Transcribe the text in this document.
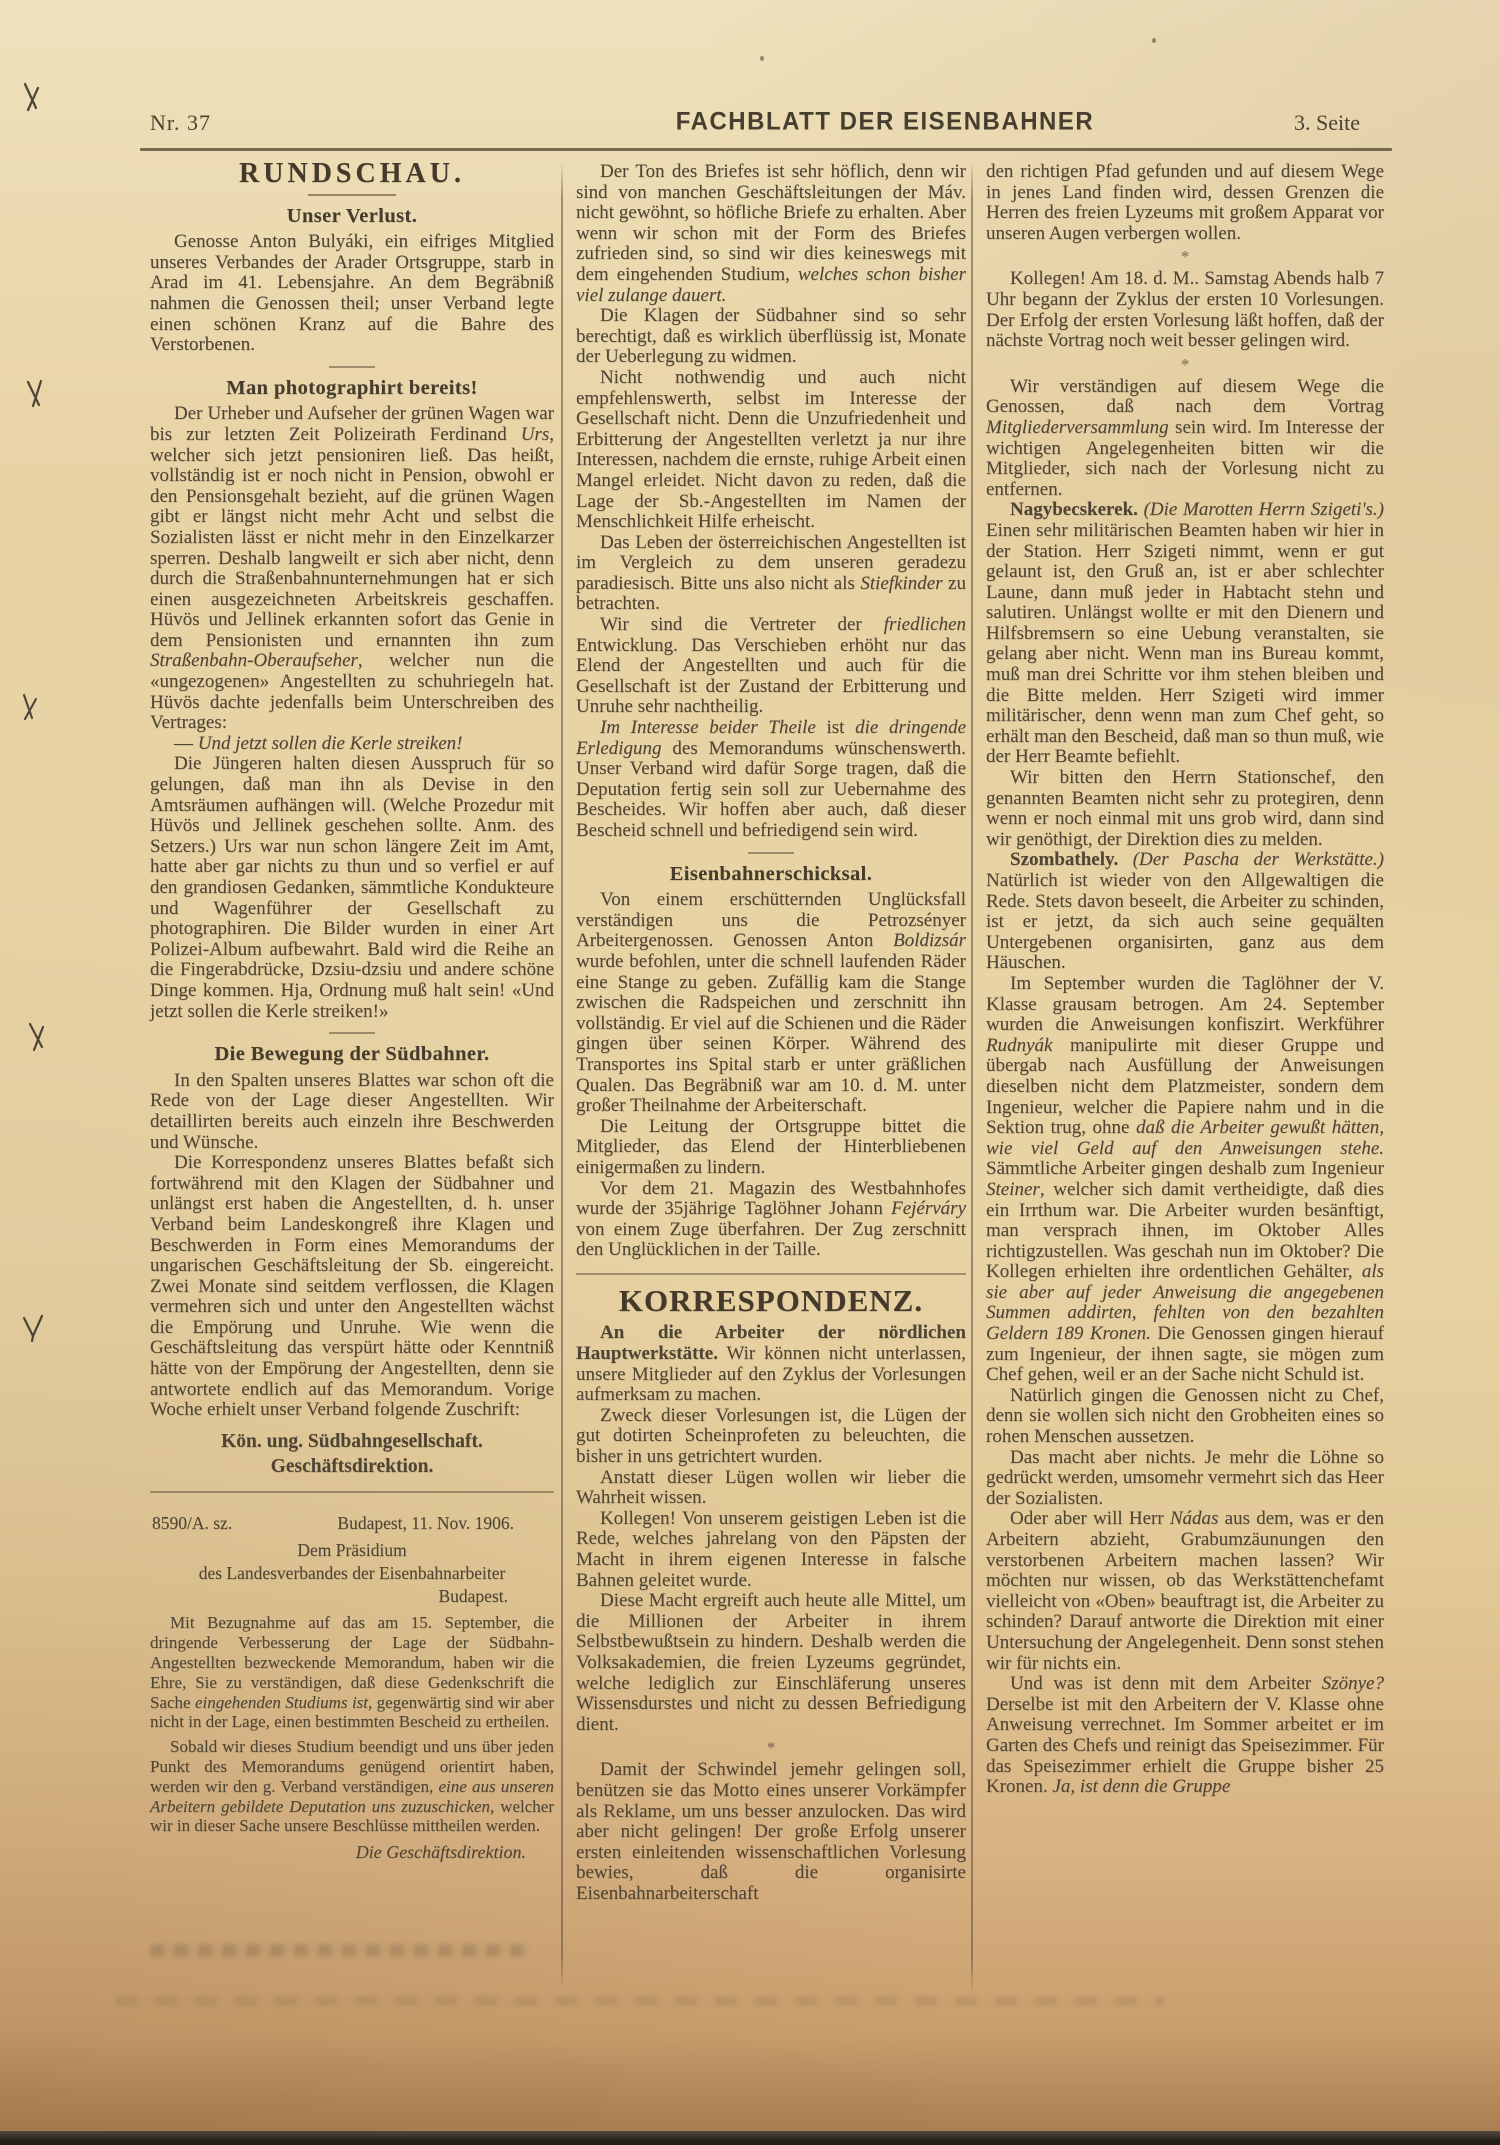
Nr. 37	FACHBLATT DER EISENBAHNER	3. Seite
RUNDSCHAU.
Unser Verlust.
Genosse Anton Bulyáki, ein eifriges Mitglied unseres Verbandes der Arader Ortsgruppe, starb in Arad im 41. Lebensjahre. An dem Begräbniß nahmen die Genossen theil; unser Verband legte einen schönen Kranz auf die Bahre des Verstorbenen.
Man photographirt bereits!
Der Urheber und Aufseher der grünen Wagen war bis zur letzten Zeit Polizeirath Ferdinand Urs, welcher sich jetzt pensioniren ließ. Das heißt, vollständig ist er noch nicht in Pension, obwohl er den Pensionsgehalt bezieht, auf die grünen Wagen gibt er längst nicht mehr Acht und selbst die Sozialisten lässt er nicht mehr in den Einzelkarzer sperren. Deshalb langweilt er sich aber nicht, denn durch die Straßenbahnunternehmungen hat er sich einen ausgezeichneten Arbeitskreis geschaffen. Hüvös und Jellinek erkannten sofort das Genie in dem Pensionisten und ernannten ihn zum Straßenbahn-Oberaufseher, welcher nun die «ungezogenen» Angestellten zu schuhriegeln hat. Hüvös dachte jedenfalls beim Unterschreiben des Vertrages:
— Und jetzt sollen die Kerle streiken!
Die Jüngeren halten diesen Ausspruch für so gelungen, daß man ihn als Devise in den Amtsräumen aufhängen will. (Welche Prozedur mit Hüvös und Jellinek geschehen sollte. Anm. des Setzers.) Urs war nun schon längere Zeit im Amt, hatte aber gar nichts zu thun und so verfiel er auf den grandiosen Gedanken, sämmtliche Kondukteure und Wagenführer der Gesellschaft zu photographiren. Die Bilder wurden in einer Art Polizei-Album aufbewahrt. Bald wird die Reihe an die Fingerabdrücke, Dzsiu-dzsiu und andere schöne Dinge kommen. Hja, Ordnung muß halt sein! «Und jetzt sollen die Kerle streiken!»
Die Bewegung der Südbahner.
In den Spalten unseres Blattes war schon oft die Rede von der Lage dieser Angestellten. Wir detaillirten bereits auch einzeln ihre Beschwerden und Wünsche.
Die Korrespondenz unseres Blattes befaßt sich fortwährend mit den Klagen der Südbahner und unlängst erst haben die Angestellten, d. h. unser Verband beim Landeskongreß ihre Klagen und Beschwerden in Form eines Memorandums der ungarischen Geschäftsleitung der Sb. eingereicht. Zwei Monate sind seitdem verflossen, die Klagen vermehren sich und unter den Angestellten wächst die Empörung und Unruhe. Wie wenn die Geschäftsleitung das verspürt hätte oder Kenntniß hätte von der Empörung der Angestellten, denn sie antwortete endlich auf das Memorandum. Vorige Woche erhielt unser Verband folgende Zuschrift:
Kön. ung. Südbahngesellschaft.
Geschäftsdirektion.
8590/A. sz.	Budapest, 11. Nov. 1906.
Dem Präsidium
des Landesverbandes der Eisenbahnarbeiter
Budapest.
Mit Bezugnahme auf das am 15. September, die dringende Verbesserung der Lage der Südbahn-Angestellten bezweckende Memorandum, haben wir die Ehre, Sie zu verständigen, daß diese Gedenkschrift die Sache eingehenden Studiums ist, gegenwärtig sind wir aber nicht in der Lage, einen bestimmten Bescheid zu ertheilen.
Sobald wir dieses Studium beendigt und uns über jeden Punkt des Memorandums genügend orientirt haben, werden wir den g. Verband verständigen, eine aus unseren Arbeitern gebildete Deputation uns zuzuschicken, welcher wir in dieser Sache unsere Beschlüsse mittheilen werden.
Die Geschäftsdirektion.
Der Ton des Briefes ist sehr höflich, denn wir sind von manchen Geschäftsleitungen der Máv. nicht gewöhnt, so höfliche Briefe zu erhalten. Aber wenn wir schon mit der Form des Briefes zufrieden sind, so sind wir dies keineswegs mit dem eingehenden Studium, welches schon bisher viel zulange dauert.
Die Klagen der Südbahner sind so sehr berechtigt, daß es wirklich überflüssig ist, Monate der Ueberlegung zu widmen.
Nicht nothwendig und auch nicht empfehlenswerth, selbst im Interesse der Gesellschaft nicht. Denn die Unzufriedenheit und Erbitterung der Angestellten verletzt ja nur ihre Interessen, nachdem die ernste, ruhige Arbeit einen Mangel erleidet. Nicht davon zu reden, daß die Lage der Sb.-Angestellten im Namen der Menschlichkeit Hilfe erheischt.
Das Leben der österreichischen Angestellten ist im Vergleich zu dem unseren geradezu paradiesisch. Bitte uns also nicht als Stiefkinder zu betrachten.
Wir sind die Vertreter der friedlichen Entwicklung. Das Verschieben erhöht nur das Elend der Angestellten und auch für die Gesellschaft ist der Zustand der Erbitterung und Unruhe sehr nachtheilig.
Im Interesse beider Theile ist die dringende Erledigung des Memorandums wünschenswerth. Unser Verband wird dafür Sorge tragen, daß die Deputation fertig sein soll zur Uebernahme des Bescheides. Wir hoffen aber auch, daß dieser Bescheid schnell und befriedigend sein wird.
Eisenbahnerschicksal.
Von einem erschütternden Unglücksfall verständigen uns die Petrozsényer Arbeitergenossen. Genossen Anton Boldizsár wurde befohlen, unter die schnell laufenden Räder eine Stange zu geben. Zufällig kam die Stange zwischen die Radspeichen und zerschnitt ihn vollständig. Er viel auf die Schienen und die Räder gingen über seinen Körper. Während des Transportes ins Spital starb er unter gräßlichen Qualen. Das Begräbniß war am 10. d. M. unter großer Theilnahme der Arbeiterschaft.
Die Leitung der Ortsgruppe bittet die Mitglieder, das Elend der Hinterbliebenen einigermaßen zu lindern.
Vor dem 21. Magazin des Westbahnhofes wurde der 35jährige Taglöhner Johann Fejérváry von einem Zuge überfahren. Der Zug zerschnitt den Unglücklichen in der Taille.
KORRESPONDENZ.
An die Arbeiter der nördlichen Hauptwerkstätte. Wir können nicht unterlassen, unsere Mitglieder auf den Zyklus der Vorlesungen aufmerksam zu machen.
Zweck dieser Vorlesungen ist, die Lügen der gut dotirten Scheinprofeten zu beleuchten, die bisher in uns getrichtert wurden.
Anstatt dieser Lügen wollen wir lieber die Wahrheit wissen.
Kollegen! Von unserem geistigen Leben ist die Rede, welches jahrelang von den Päpsten der Macht in ihrem eigenen Interesse in falsche Bahnen geleitet wurde.
Diese Macht ergreift auch heute alle Mittel, um die Millionen der Arbeiter in ihrem Selbstbewußtsein zu hindern. Deshalb werden die Volksakademien, die freien Lyzeums gegründet, welche lediglich zur Einschläferung unseres Wissensdurstes und nicht zu dessen Befriedigung dient.
*
Damit der Schwindel jemehr gelingen soll, benützen sie das Motto eines unserer Vorkämpfer als Reklame, um uns besser anzulocken. Das wird aber nicht gelingen! Der große Erfolg unserer ersten einleitenden wissenschaftlichen Vorlesung bewies, daß die organisirte Eisenbahnarbeiterschaft
den richtigen Pfad gefunden und auf diesem Wege in jenes Land finden wird, dessen Grenzen die Herren des freien Lyzeums mit großem Apparat vor unseren Augen verbergen wollen.
*
Kollegen! Am 18. d. M.. Samstag Abends halb 7 Uhr begann der Zyklus der ersten 10 Vorlesungen. Der Erfolg der ersten Vorlesung läßt hoffen, daß der nächste Vortrag noch weit besser gelingen wird.
*
Wir verständigen auf diesem Wege die Genossen, daß nach dem Vortrag Mitgliederversammlung sein wird. Im Interesse der wichtigen Angelegenheiten bitten wir die Mitglieder, sich nach der Vorlesung nicht zu entfernen.
Nagybecskerek. (Die Marotten Herrn Szigeti's.) Einen sehr militärischen Beamten haben wir hier in der Station. Herr Szigeti nimmt, wenn er gut gelaunt ist, den Gruß an, ist er aber schlechter Laune, dann muß jeder in Habtacht stehn und salutiren. Unlängst wollte er mit den Dienern und Hilfsbremsern so eine Uebung veranstalten, sie gelang aber nicht. Wenn man ins Bureau kommt, muß man drei Schritte vor ihm stehen bleiben und die Bitte melden. Herr Szigeti wird immer militärischer, denn wenn man zum Chef geht, so erhält man den Bescheid, daß man so thun muß, wie der Herr Beamte befiehlt.
Wir bitten den Herrn Stationschef, den genannten Beamten nicht sehr zu protegiren, denn wenn er noch einmal mit uns grob wird, dann sind wir genöthigt, der Direktion dies zu melden.
Szombathely. (Der Pascha der Werkstätte.) Natürlich ist wieder von den Allgewaltigen die Rede. Stets davon beseelt, die Arbeiter zu schinden, ist er jetzt, da sich auch seine gequälten Untergebenen organisirten, ganz aus dem Häuschen.
Im September wurden die Taglöhner der V. Klasse grausam betrogen. Am 24. September wurden die Anweisungen konfiszirt. Werkführer Rudnyák manipulirte mit dieser Gruppe und übergab nach Ausfüllung der Anweisungen dieselben nicht dem Platzmeister, sondern dem Ingenieur, welcher die Papiere nahm und in die Sektion trug, ohne daß die Arbeiter gewußt hätten, wie viel Geld auf den Anweisungen stehe. Sämmtliche Arbeiter gingen deshalb zum Ingenieur Steiner, welcher sich damit vertheidigte, daß dies ein Irrthum war. Die Arbeiter wurden besänftigt, man versprach ihnen, im Oktober Alles richtigzustellen. Was geschah nun im Oktober? Die Kollegen erhielten ihre ordentlichen Gehälter, als sie aber auf jeder Anweisung die angegebenen Summen addirten, fehlten von den bezahlten Geldern 189 Kronen. Die Genossen gingen hierauf zum Ingenieur, der ihnen sagte, sie mögen zum Chef gehen, weil er an der Sache nicht Schuld ist.
Natürlich gingen die Genossen nicht zu Chef, denn sie wollen sich nicht den Grobheiten eines so rohen Menschen aussetzen.
Das macht aber nichts. Je mehr die Löhne so gedrückt werden, umsomehr vermehrt sich das Heer der Sozialisten.
Oder aber will Herr Nádas aus dem, was er den Arbeitern abzieht, Grabumzäunungen den verstorbenen Arbeitern machen lassen? Wir möchten nur wissen, ob das Werkstättenchefamt vielleicht von «Oben» beauftragt ist, die Arbeiter zu schinden? Darauf antworte die Direktion mit einer Untersuchung der Angelegenheit. Denn sonst stehen wir für nichts ein.
Und was ist denn mit dem Arbeiter Szönye? Derselbe ist mit den Arbeitern der V. Klasse ohne Anweisung verrechnet. Im Sommer arbeitet er im Garten des Chefs und reinigt das Speisezimmer. Für das Speisezimmer erhielt die Gruppe bisher 25 Kronen. Ja, ist denn die Gruppe
